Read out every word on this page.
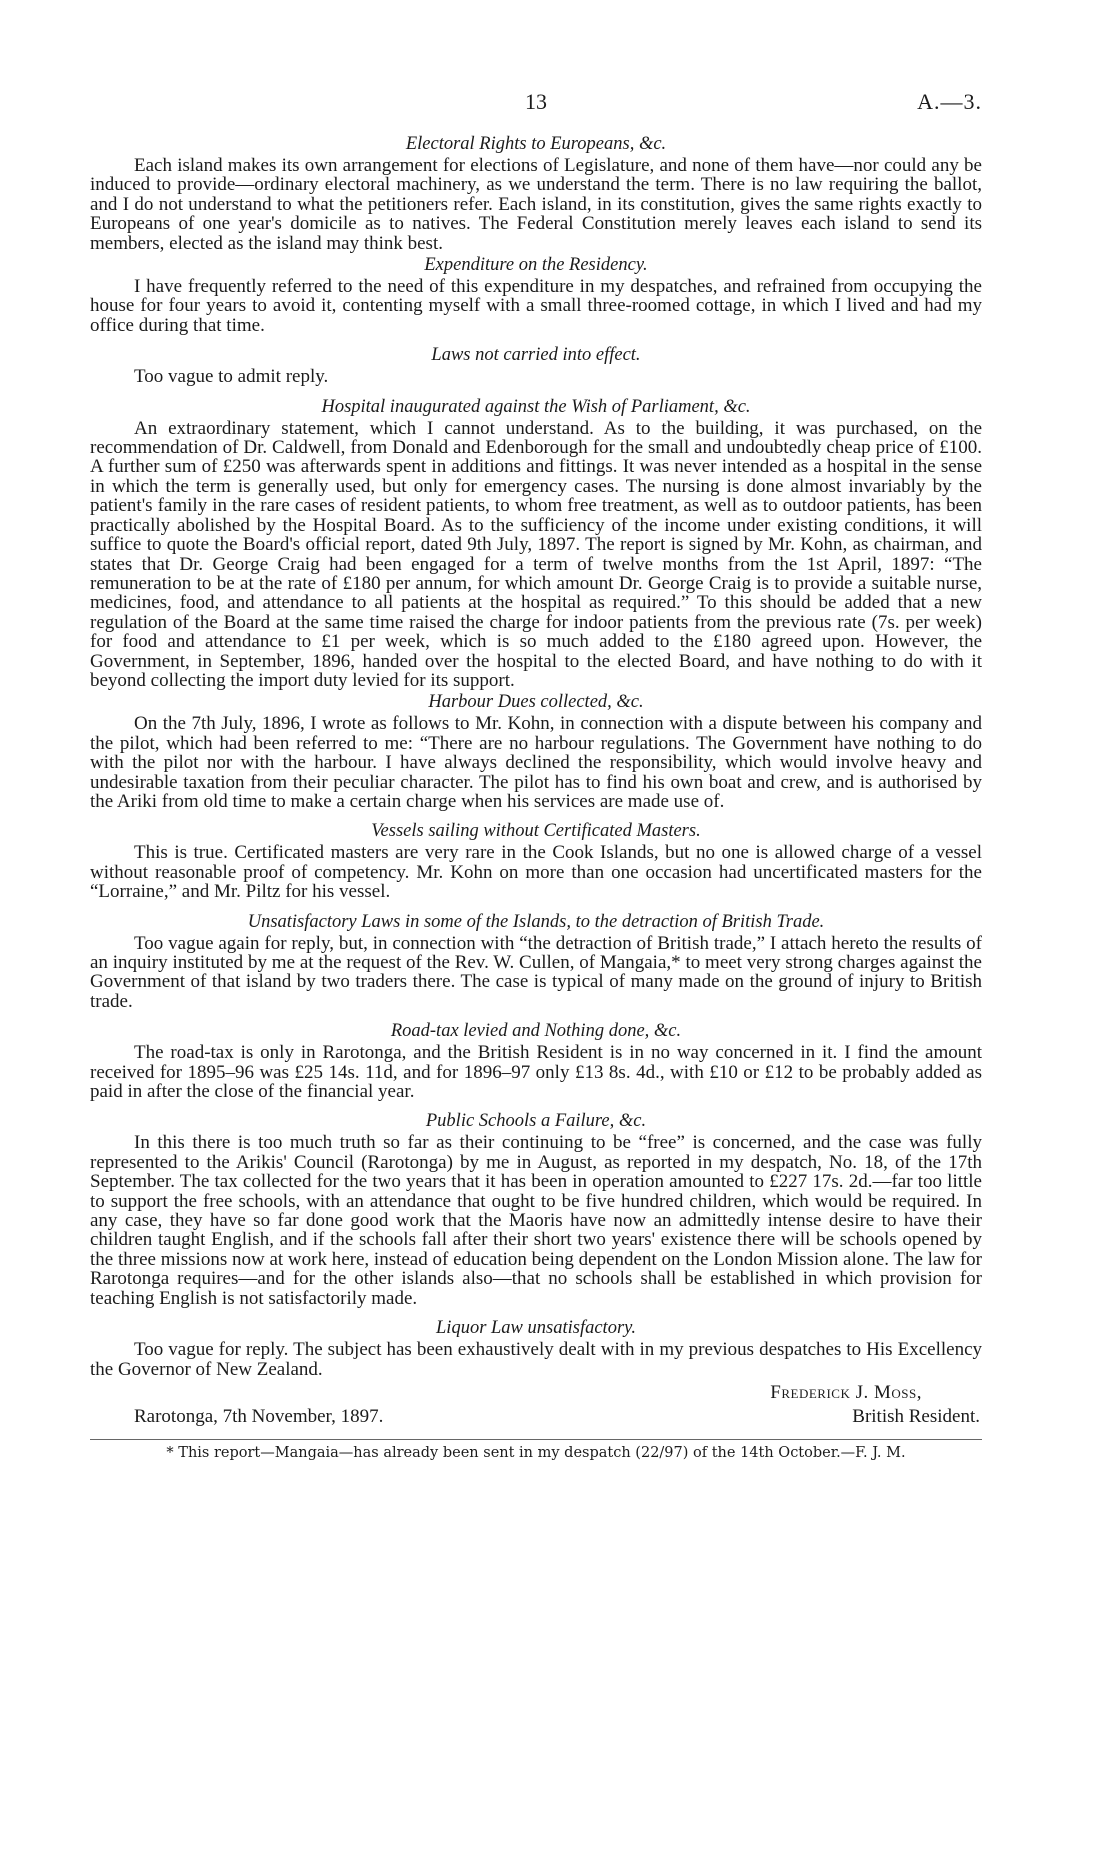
13	A.—3.
Electoral Rights to Europeans, &c.

Each island makes its own arrangement for elections of Legislature, and none of them have—nor could any be induced to provide—ordinary electoral machinery, as we understand the term. There is no law requiring the ballot, and I do not understand to what the petitioners refer. Each island, in its constitution, gives the same rights exactly to Europeans of one year's domicile as to natives. The Federal Constitution merely leaves each island to send its members, elected as the island may think best.

Expenditure on the Residency.

I have frequently referred to the need of this expenditure in my despatches, and refrained from occupying the house for four years to avoid it, contenting myself with a small three-roomed cottage, in which I lived and had my office during that time.

Laws not carried into effect.

Too vague to admit reply.

Hospital inaugurated against the Wish of Parliament, &c.

An extraordinary statement, which I cannot understand. As to the building, it was purchased, on the recommendation of Dr. Caldwell, from Donald and Edenborough for the small and undoubtedly cheap price of £100. A further sum of £250 was afterwards spent in additions and fittings. It was never intended as a hospital in the sense in which the term is generally used, but only for emergency cases. The nursing is done almost invariably by the patient's family in the rare cases of resident patients, to whom free treatment, as well as to outdoor patients, has been practically abolished by the Hospital Board. As to the sufficiency of the income under existing conditions, it will suffice to quote the Board's official report, dated 9th July, 1897. The report is signed by Mr. Kohn, as chairman, and states that Dr. George Craig had been engaged for a term of twelve months from the 1st April, 1897: “The remuneration to be at the rate of £180 per annum, for which amount Dr. George Craig is to provide a suitable nurse, medicines, food, and attendance to all patients at the hospital as required.” To this should be added that a new regulation of the Board at the same time raised the charge for indoor patients from the previous rate (7s. per week) for food and attendance to £1 per week, which is so much added to the £180 agreed upon. However, the Government, in September, 1896, handed over the hospital to the elected Board, and have nothing to do with it beyond collecting the import duty levied for its support.

Harbour Dues collected, &c.

On the 7th July, 1896, I wrote as follows to Mr. Kohn, in connection with a dispute between his company and the pilot, which had been referred to me: “There are no harbour regulations. The Government have nothing to do with the pilot nor with the harbour. I have always declined the responsibility, which would involve heavy and undesirable taxation from their peculiar character. The pilot has to find his own boat and crew, and is authorised by the Ariki from old time to make a certain charge when his services are made use of.

Vessels sailing without Certificated Masters.

This is true. Certificated masters are very rare in the Cook Islands, but no one is allowed charge of a vessel without reasonable proof of competency. Mr. Kohn on more than one occasion had uncertificated masters for the “Lorraine,” and Mr. Piltz for his vessel.

Unsatisfactory Laws in some of the Islands, to the detraction of British Trade.

Too vague again for reply, but, in connection with “the detraction of British trade,” I attach hereto the results of an inquiry instituted by me at the request of the Rev. W. Cullen, of Mangaia,* to meet very strong charges against the Government of that island by two traders there. The case is typical of many made on the ground of injury to British trade.

Road-tax levied and Nothing done, &c.

The road-tax is only in Rarotonga, and the British Resident is in no way concerned in it. I find the amount received for 1895–96 was £25 14s. 11d, and for 1896–97 only £13 8s. 4d., with £10 or £12 to be probably added as paid in after the close of the financial year.

Public Schools a Failure, &c.

In this there is too much truth so far as their continuing to be “free” is concerned, and the case was fully represented to the Arikis' Council (Rarotonga) by me in August, as reported in my despatch, No. 18, of the 17th September. The tax collected for the two years that it has been in operation amounted to £227 17s. 2d.—far too little to support the free schools, with an attendance that ought to be five hundred children, which would be required. In any case, they have so far done good work that the Maoris have now an admittedly intense desire to have their children taught English, and if the schools fall after their short two years' existence there will be schools opened by the three missions now at work here, instead of education being dependent on the London Mission alone. The law for Rarotonga requires—and for the other islands also—that no schools shall be established in which provision for teaching English is not satisfactorily made.

Liquor Law unsatisfactory.

Too vague for reply. The subject has been exhaustively dealt with in my previous despatches to His Excellency the Governor of New Zealand.

Frederick J. Moss,
Rarotonga, 7th November, 1897.	British Resident.
* This report—Mangaia—has already been sent in my despatch (22/97) of the 14th October.—F. J. M.
